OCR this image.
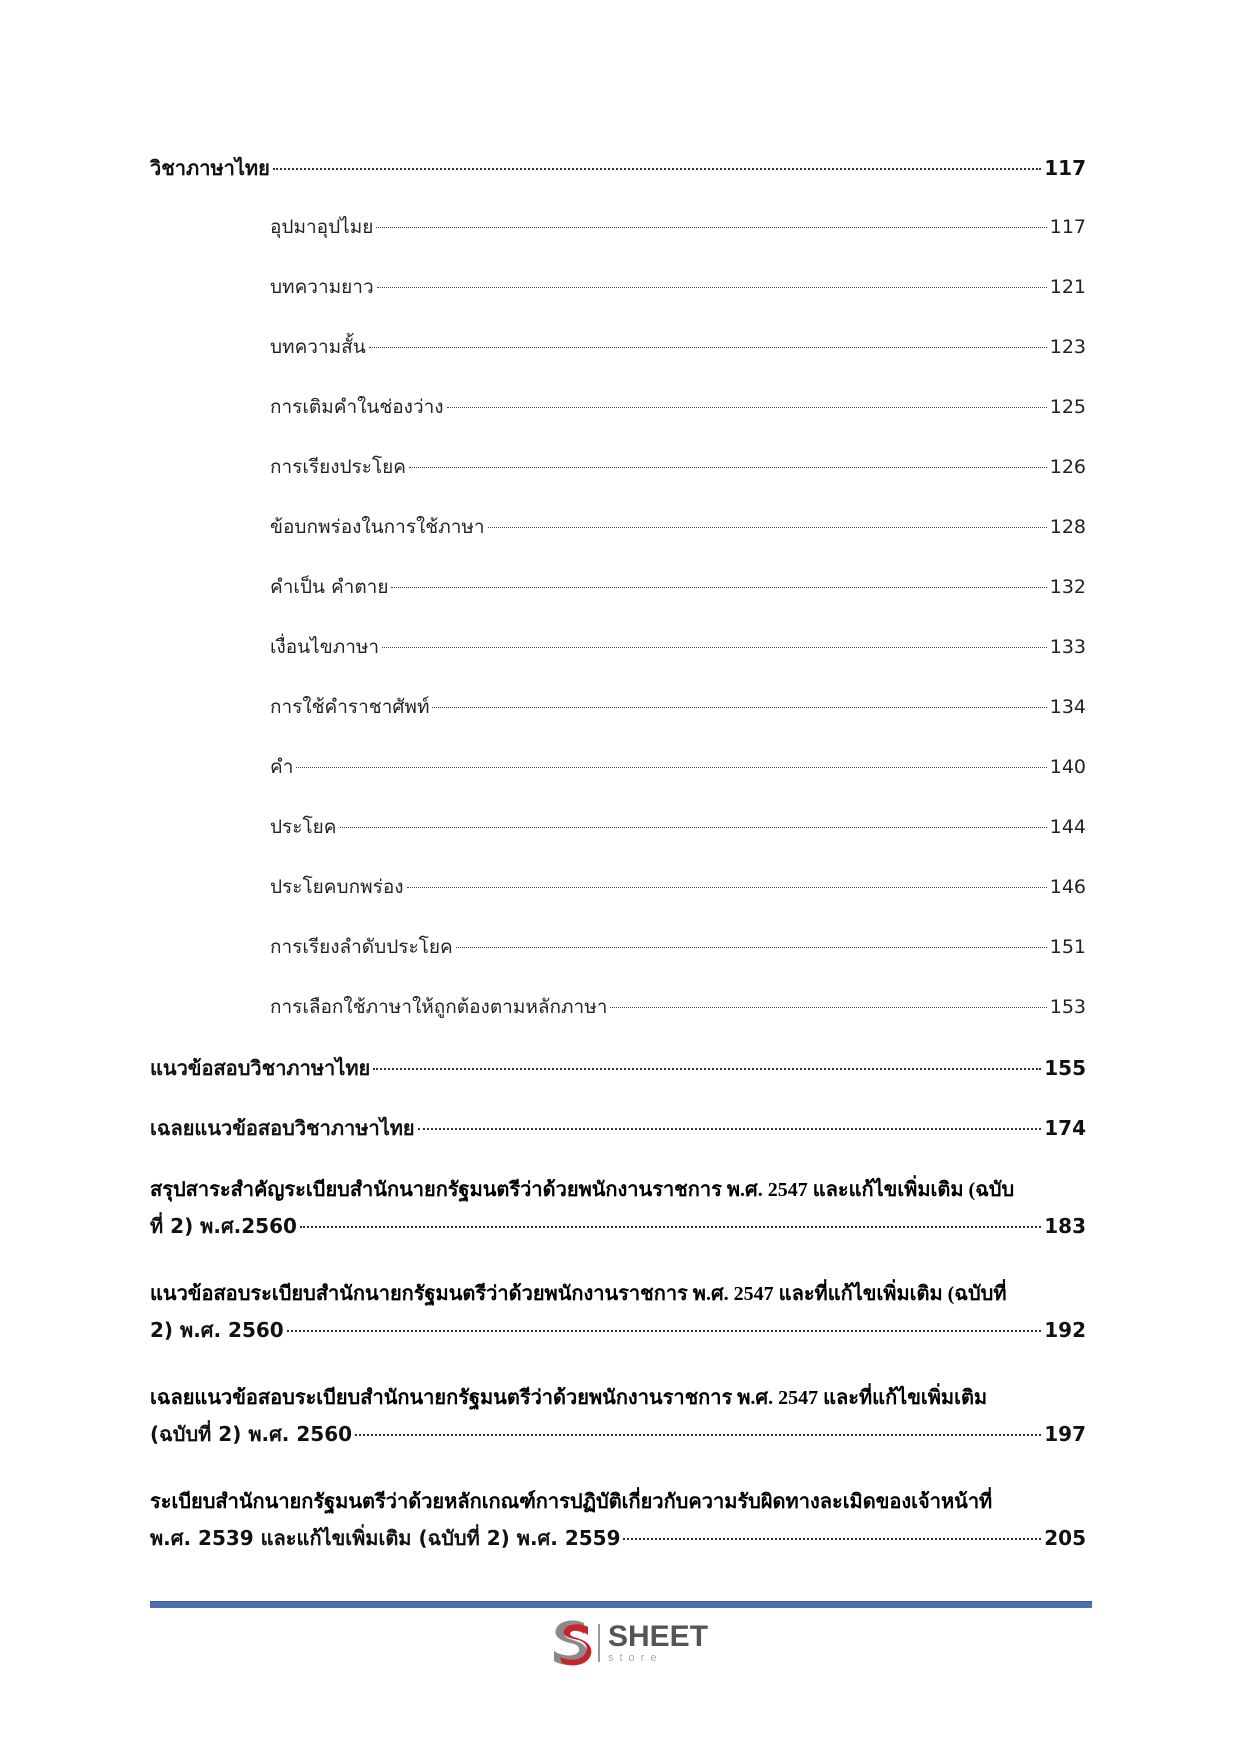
วิชาภาษาไทย	117
อุปมาอุปไมย	117
บทความยาว	121
บทความสั้น	123
การเติมคำในช่องว่าง	125
การเรียงประโยค	126
ข้อบกพร่องในการใช้ภาษา	128
คำเป็น คำตาย	132
เงื่อนไขภาษา	133
การใช้คำราชาศัพท์	134
คำ	140
ประโยค	144
ประโยคบกพร่อง	146
การเรียงลำดับประโยค	151
การเลือกใช้ภาษาให้ถูกต้องตามหลักภาษา	153
แนวข้อสอบวิชาภาษาไทย	155
เฉลยแนวข้อสอบวิชาภาษาไทย	174
สรุปสาระสำคัญระเบียบสำนักนายกรัฐมนตรีว่าด้วยพนักงานราชการ พ.ศ. 2547 และแก้ไขเพิ่มเติม (ฉบับ
ที่ 2) พ.ศ.2560	183
แนวข้อสอบระเบียบสำนักนายกรัฐมนตรีว่าด้วยพนักงานราชการ พ.ศ. 2547 และที่แก้ไขเพิ่มเติม (ฉบับที่
2) พ.ศ. 2560	192
เฉลยแนวข้อสอบระเบียบสำนักนายกรัฐมนตรีว่าด้วยพนักงานราชการ พ.ศ. 2547 และที่แก้ไขเพิ่มเติม
(ฉบับที่ 2) พ.ศ. 2560	197
ระเบียบสำนักนายกรัฐมนตรีว่าด้วยหลักเกณฑ์การปฏิบัติเกี่ยวกับความรับผิดทางละเมิดของเจ้าหน้าที่
พ.ศ. 2539 และแก้ไขเพิ่มเติม (ฉบับที่ 2) พ.ศ. 2559	205
SHEET
store
